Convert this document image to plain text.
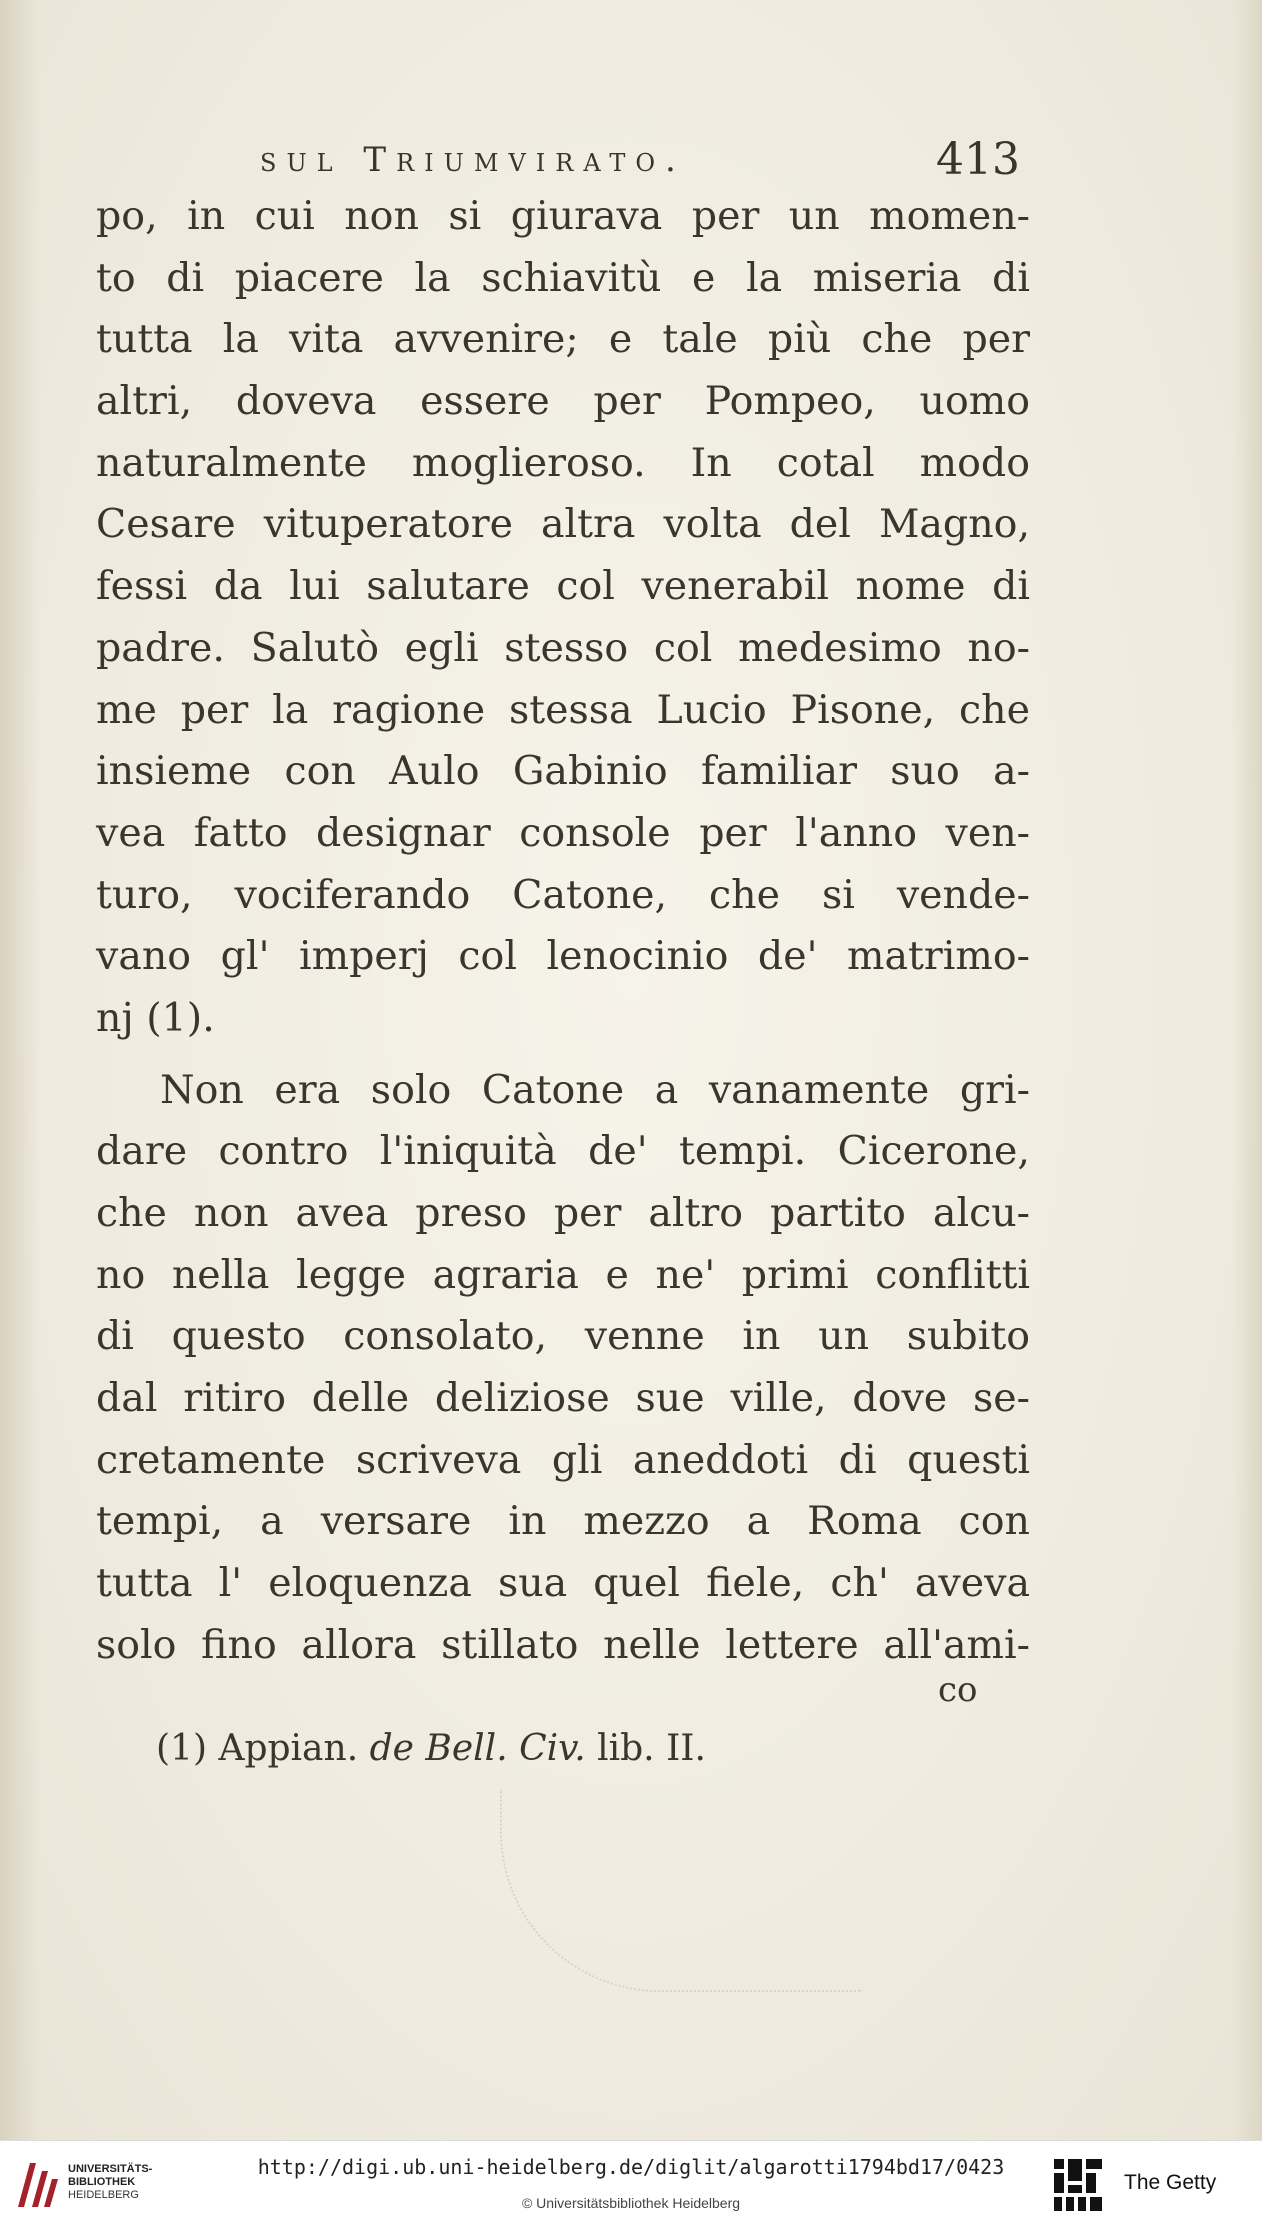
sul Triumvirato.	413
po, in cui non si giurava per un momen-
to di piacere la schiavitù e la miseria di
tutta la vita avvenire; e tale più che per
altri, doveva essere per Pompeo, uomo
naturalmente moglieroso. In cotal modo
Cesare vituperatore altra volta del Magno,
fessi da lui salutare col venerabil nome di
padre. Salutò egli stesso col medesimo no-
me per la ragione stessa Lucio Pisone, che
insieme con Aulo Gabinio familiar suo a-
vea fatto designar console per l'anno ven-
turo, vociferando Catone, che si vende-
vano gl' imperj col lenocinio de' matrimo-
nj (1).
Non era solo Catone a vanamente gri-
dare contro l'iniquità de' tempi. Cicerone,
che non avea preso per altro partito alcu-
no nella legge agraria e ne' primi conflitti
di questo consolato, venne in un subito
dal ritiro delle deliziose sue ville, dove se-
cretamente scriveva gli aneddoti di questi
tempi, a versare in mezzo a Roma con
tutta l' eloquenza sua quel fiele, ch' aveva
solo fino allora stillato nelle lettere all'ami-
co
(1) Appian. de Bell. Civ. lib. II.
UNIVERSITÄTS-
BIBLIOTHEK
HEIDELBERG
http://digi.ub.uni-heidelberg.de/diglit/algarotti1794bd17/0423
© Universitätsbibliothek Heidelberg
The Getty
